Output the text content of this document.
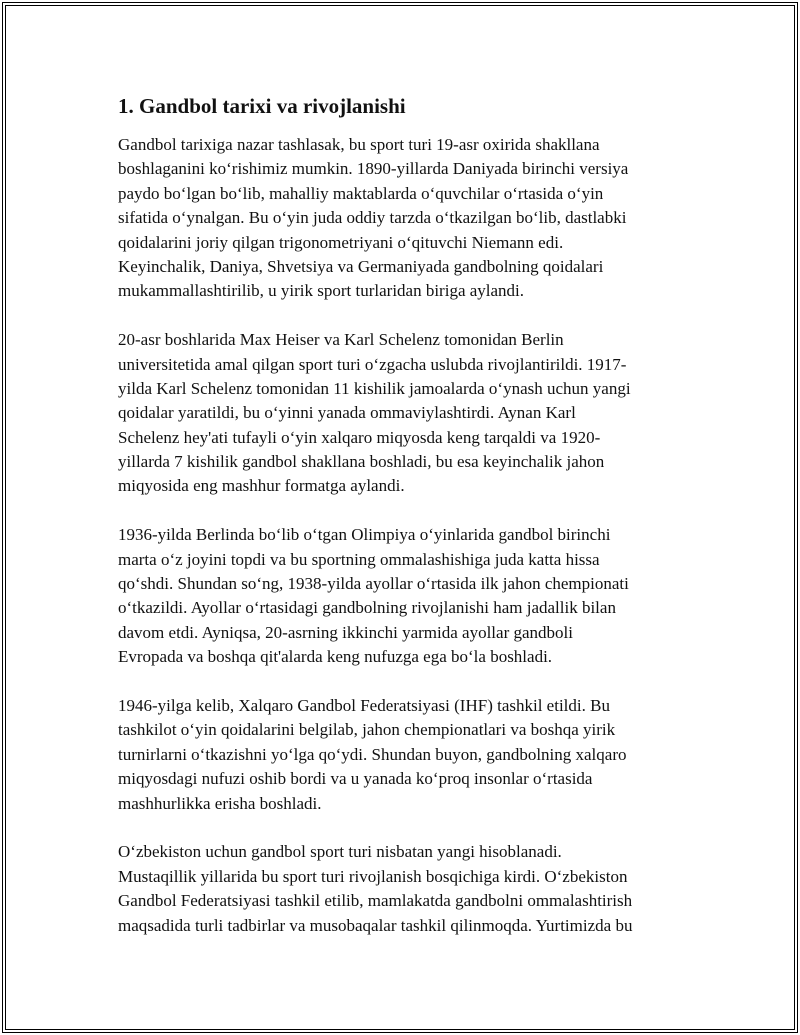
1. Gandbol tarixi va rivojlanishi

Gandbol tarixiga nazar tashlasak, bu sport turi 19-asr oxirida shakllana
boshlaganini koʻrishimiz mumkin. 1890-yillarda Daniyada birinchi versiya
paydo boʻlgan boʻlib, mahalliy maktablarda oʻquvchilar oʻrtasida oʻyin
sifatida oʻynalgan. Bu oʻyin juda oddiy tarzda oʻtkazilgan boʻlib, dastlabki
qoidalarini joriy qilgan trigonometriyani oʻqituvchi Niemann edi.
Keyinchalik, Daniya, Shvetsiya va Germaniyada gandbolning qoidalari
mukammallashtirilib, u yirik sport turlaridan biriga aylandi.

20-asr boshlarida Max Heiser va Karl Schelenz tomonidan Berlin
universitetida amal qilgan sport turi oʻzgacha uslubda rivojlantirildi. 1917-
yilda Karl Schelenz tomonidan 11 kishilik jamoalarda oʻynash uchun yangi
qoidalar yaratildi, bu oʻyinni yanada ommaviylashtirdi. Aynan Karl
Schelenz hey'ati tufayli oʻyin xalqaro miqyosda keng tarqaldi va 1920-
yillarda 7 kishilik gandbol shakllana boshladi, bu esa keyinchalik jahon
miqyosida eng mashhur formatga aylandi.

1936-yilda Berlinda boʻlib oʻtgan Olimpiya oʻyinlarida gandbol birinchi
marta oʻz joyini topdi va bu sportning ommalashishiga juda katta hissa
qoʻshdi. Shundan soʻng, 1938-yilda ayollar oʻrtasida ilk jahon chempionati
oʻtkazildi. Ayollar oʻrtasidagi gandbolning rivojlanishi ham jadallik bilan
davom etdi. Ayniqsa, 20-asrning ikkinchi yarmida ayollar gandboli
Evropada va boshqa qit'alarda keng nufuzga ega boʻla boshladi.

1946-yilga kelib, Xalqaro Gandbol Federatsiyasi (IHF) tashkil etildi. Bu
tashkilot oʻyin qoidalarini belgilab, jahon chempionatlari va boshqa yirik
turnirlarni oʻtkazishni yoʻlga qoʻydi. Shundan buyon, gandbolning xalqaro
miqyosdagi nufuzi oshib bordi va u yanada koʻproq insonlar oʻrtasida
mashhurlikka erisha boshladi.

Oʻzbekiston uchun gandbol sport turi nisbatan yangi hisoblanadi.
Mustaqillik yillarida bu sport turi rivojlanish bosqichiga kirdi. Oʻzbekiston
Gandbol Federatsiyasi tashkil etilib, mamlakatda gandbolni ommalashtirish
maqsadida turli tadbirlar va musobaqalar tashkil qilinmoqda. Yurtimizda bu
